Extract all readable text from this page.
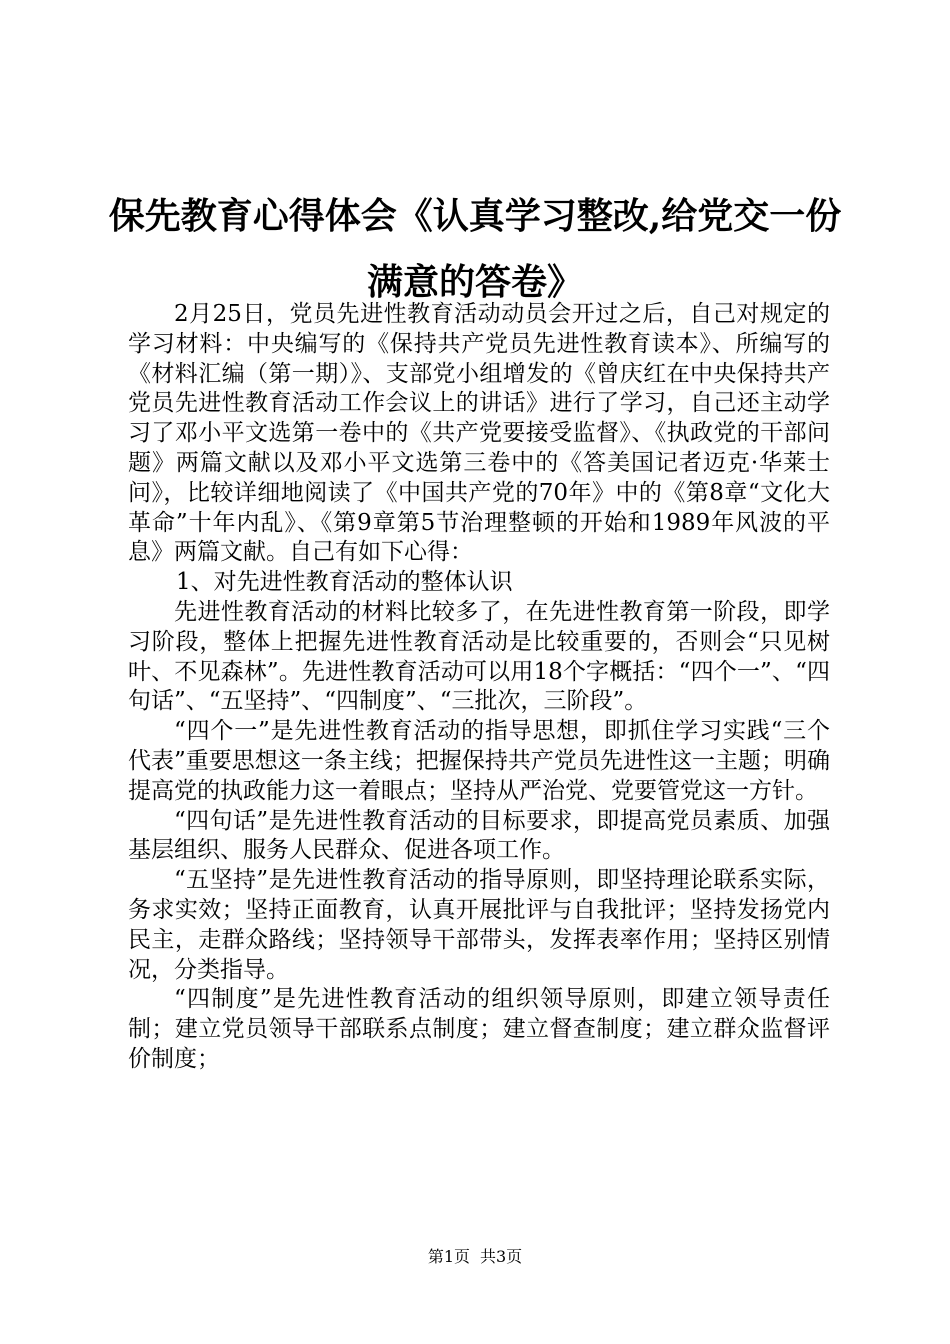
保先教育心得体会《认真学习整改,给党交一份满意的答卷》

2月25日，党员先进性教育活动动员会开过之后，自己对规定的学习材料：中央编写的《保持共产党员先进性教育读本》、所编写的《材料汇编（第一期）》、支部党小组增发的《曾庆红在中央保持共产党员先进性教育活动工作会议上的讲话》进行了学习，自己还主动学习了邓小平文选第一卷中的《共产党要接受监督》、《执政党的干部问题》两篇文献以及邓小平文选第三卷中的《答美国记者迈克·华莱士问》，比较详细地阅读了《中国共产党的70年》中的《第8章“文化大革命”十年内乱》、《第9章第5节治理整顿的开始和1989年风波的平息》两篇文献。自己有如下心得：

1、对先进性教育活动的整体认识

先进性教育活动的材料比较多了，在先进性教育第一阶段，即学习阶段，整体上把握先进性教育活动是比较重要的，否则会“只见树叶、不见森林”。先进性教育活动可以用18个字概括：“四个一”、“四句话”、“五坚持”、“四制度”、“三批次，三阶段”。

“四个一”是先进性教育活动的指导思想，即抓住学习实践“三个代表”重要思想这一条主线；把握保持共产党员先进性这一主题；明确提高党的执政能力这一着眼点；坚持从严治党、党要管党这一方针。

“四句话”是先进性教育活动的目标要求，即提高党员素质、加强基层组织、服务人民群众、促进各项工作。

“五坚持”是先进性教育活动的指导原则，即坚持理论联系实际，务求实效；坚持正面教育，认真开展批评与自我批评；坚持发扬党内民主，走群众路线；坚持领导干部带头，发挥表率作用；坚持区别情况，分类指导。

“四制度”是先进性教育活动的组织领导原则，即建立领导责任制；建立党员领导干部联系点制度；建立督查制度；建立群众监督评价制度；

第1页 共3页
